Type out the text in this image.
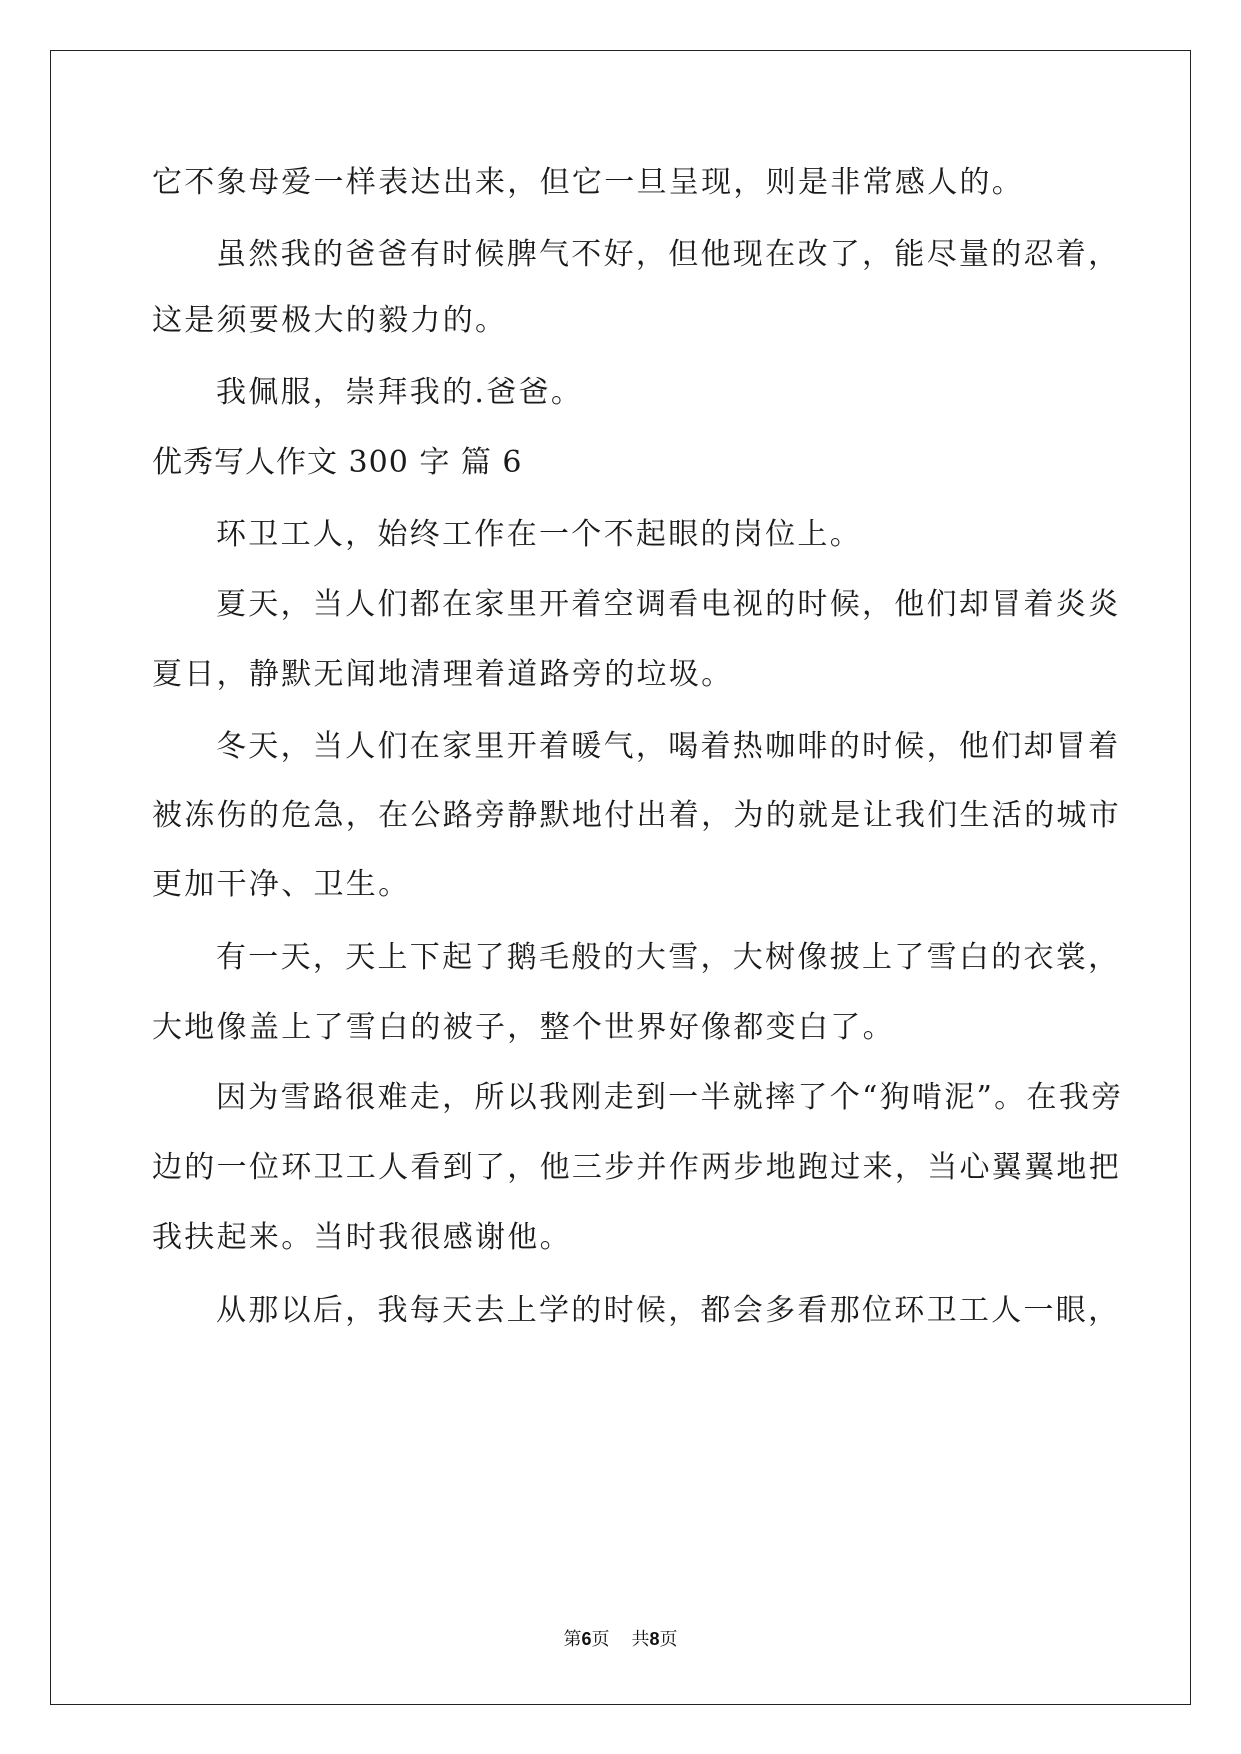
它不象母爱一样表达出来，但它一旦呈现，则是非常感人的。
虽然我的爸爸有时候脾气不好，但他现在改了，能尽量的忍着，
这是须要极大的毅力的。
我佩服，崇拜我的.爸爸。
优秀写人作文 300 字 篇 6
环卫工人，始终工作在一个不起眼的岗位上。
夏天，当人们都在家里开着空调看电视的时候，他们却冒着炎炎
夏日，静默无闻地清理着道路旁的垃圾。
冬天，当人们在家里开着暖气，喝着热咖啡的时候，他们却冒着
被冻伤的危急，在公路旁静默地付出着，为的就是让我们生活的城市
更加干净、卫生。
有一天，天上下起了鹅毛般的大雪，大树像披上了雪白的衣裳，
大地像盖上了雪白的被子，整个世界好像都变白了。
因为雪路很难走，所以我刚走到一半就摔了个“狗啃泥”。在我旁
边的一位环卫工人看到了，他三步并作两步地跑过来，当心翼翼地把
我扶起来。当时我很感谢他。
从那以后，我每天去上学的时候，都会多看那位环卫工人一眼，
第6页 共8页
